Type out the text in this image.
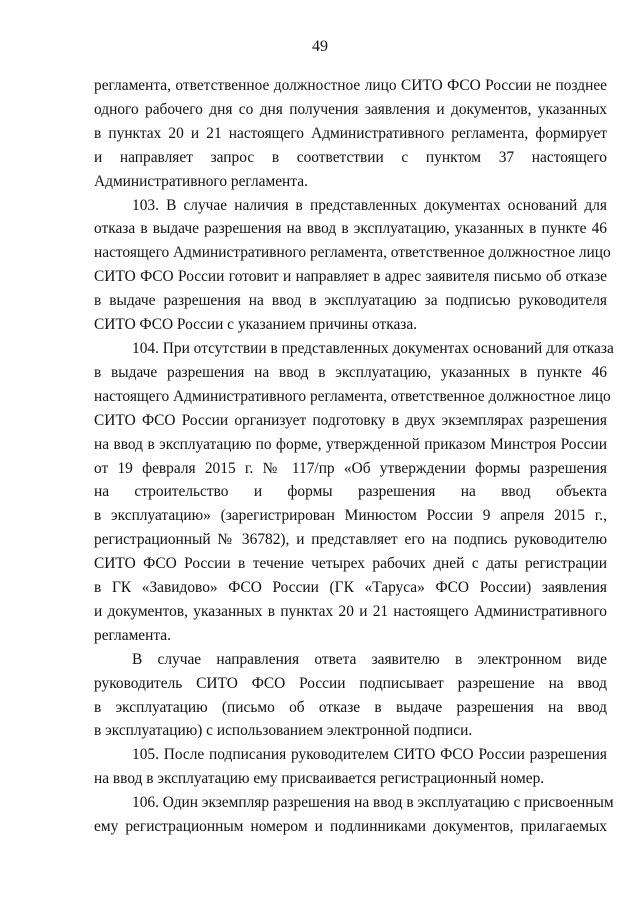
49

регламента, ответственное должностное лицо СИТО ФСО России не позднее
одного рабочего дня со дня получения заявления и документов, указанных
в пунктах 20 и 21 настоящего Административного регламента, формирует
и направляет запрос в соответствии с пунктом 37 настоящего
Административного регламента.

103. В случае наличия в представленных документах оснований для
отказа в выдаче разрешения на ввод в эксплуатацию, указанных в пункте 46
настоящего Административного регламента, ответственное должностное лицо
СИТО ФСО России готовит и направляет в адрес заявителя письмо об отказе
в выдаче разрешения на ввод в эксплуатацию за подписью руководителя
СИТО ФСО России с указанием причины отказа.

104. При отсутствии в представленных документах оснований для отказа
в выдаче разрешения на ввод в эксплуатацию, указанных в пункте 46
настоящего Административного регламента, ответственное должностное лицо
СИТО ФСО России организует подготовку в двух экземплярах разрешения
на ввод в эксплуатацию по форме, утвержденной приказом Минстроя России
от 19 февраля 2015 г. № 117/пр «Об утверждении формы разрешения
на строительство и формы разрешения на ввод объекта
в эксплуатацию» (зарегистрирован Минюстом России 9 апреля 2015 г.,
регистрационный № 36782), и представляет его на подпись руководителю
СИТО ФСО России в течение четырех рабочих дней с даты регистрации
в ГК «Завидово» ФСО России (ГК «Таруса» ФСО России) заявления
и документов, указанных в пунктах 20 и 21 настоящего Административного
регламента.

В случае направления ответа заявителю в электронном виде
руководитель СИТО ФСО России подписывает разрешение на ввод
в эксплуатацию (письмо об отказе в выдаче разрешения на ввод
в эксплуатацию) с использованием электронной подписи.

105. После подписания руководителем СИТО ФСО России разрешения
на ввод в эксплуатацию ему присваивается регистрационный номер.

106. Один экземпляр разрешения на ввод в эксплуатацию с присвоенным
ему регистрационным номером и подлинниками документов, прилагаемых
